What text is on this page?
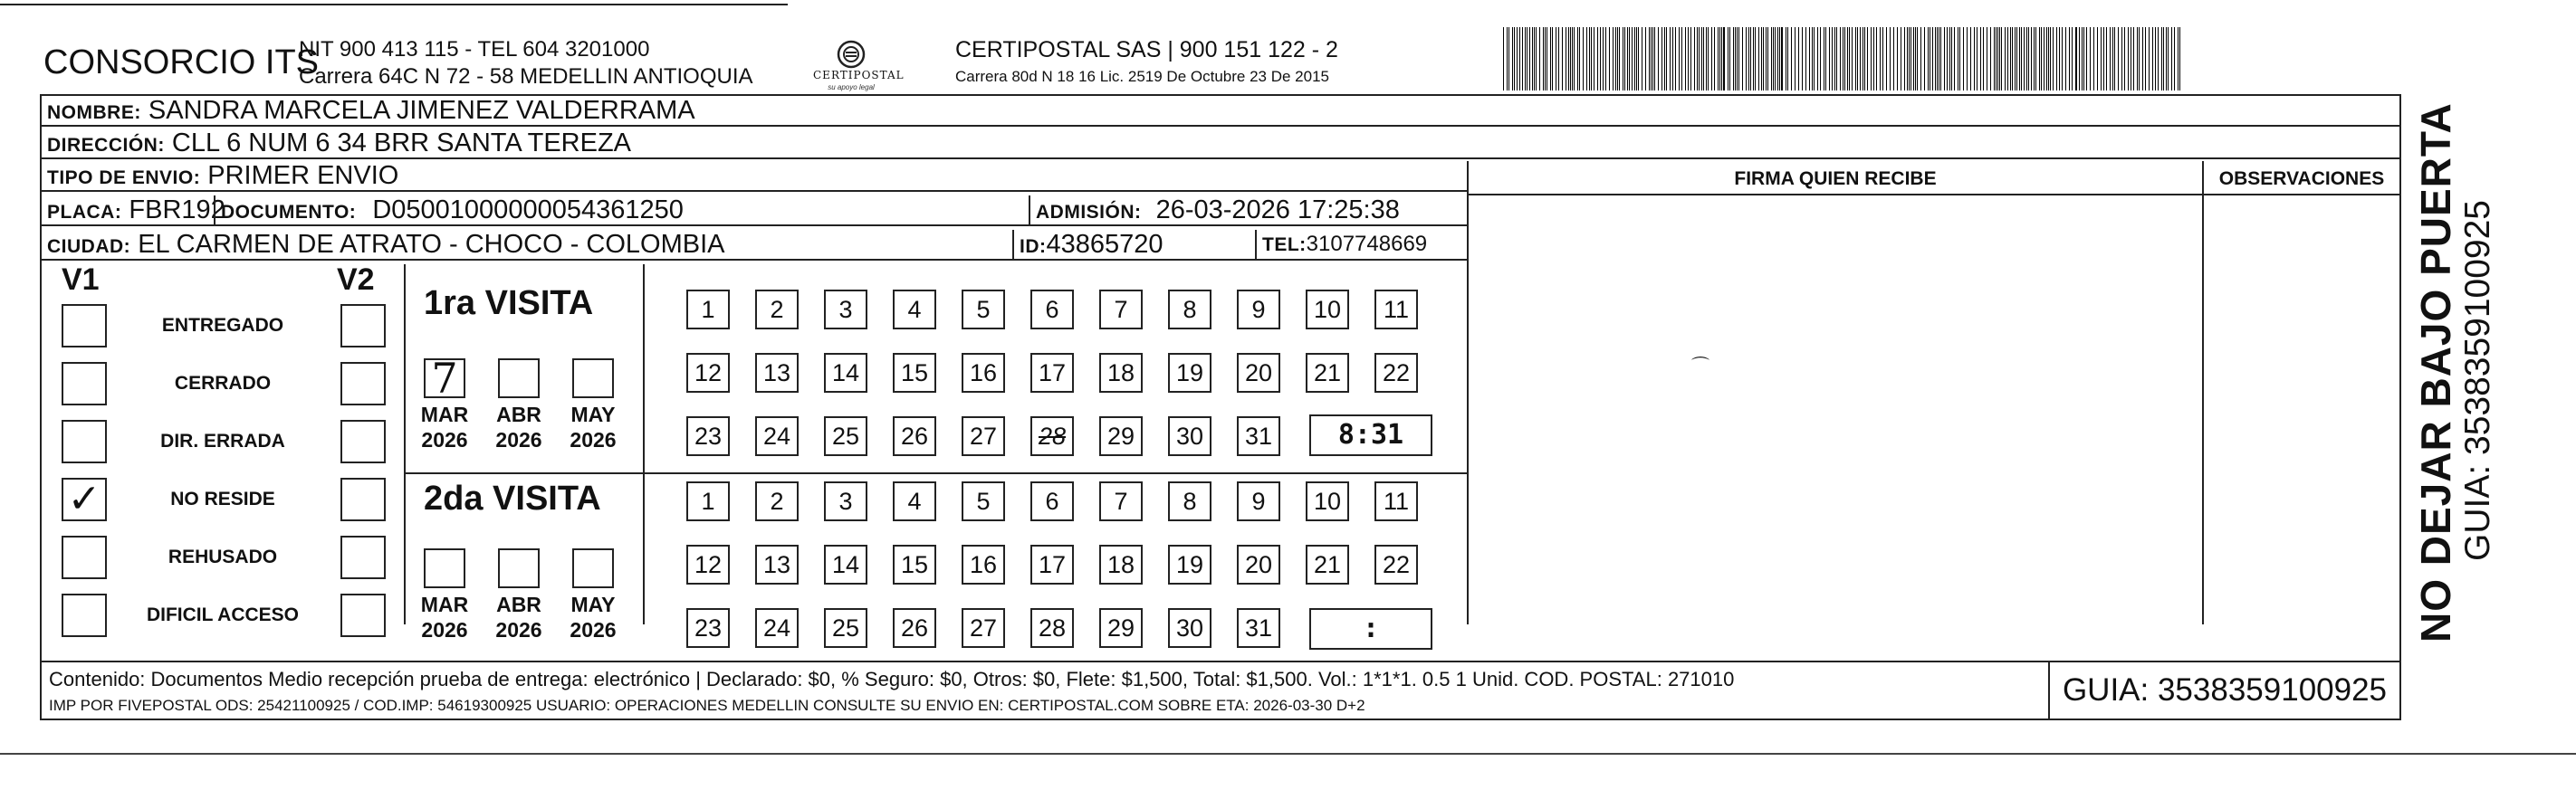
CONSORCIO ITS
NIT 900 413 115 - TEL 604 3201000
Carrera 64C N 72 - 58 MEDELLIN ANTIOQUIA	CERTIPOSTAL
su apoyo legal
CERTIPOSTAL SAS | 900 151 122 - 2
Carrera 80d N 18 16 Lic. 2519 De Octubre 23 De 2015
NOMBRE: SANDRA MARCELA JIMENEZ VALDERRAMA
DIRECCIÓN: CLL 6 NUM 6 34 BRR SANTA TEREZA
TIPO DE ENVIO: PRIMER ENVIO
PLACA: FBR192
DOCUMENTO: D05001000000054361250	ADMISIÓN: 26-03-2026 17:25:38
CIUDAD: EL CARMEN DE ATRATO - CHOCO - COLOMBIA	ID:43865720	TEL:3107748669
FIRMA QUIEN RECIBE	OBSERVACIONES
⌒
V1	V2
ENTREGADO
CERRADO
DIR. ERRADA
✓	NO RESIDE
REHUSADO
DIFICIL ACCESO
1ra VISITA
7
MAR
2026
ABR
2026
MAY
2026
1	2	3	4	5	6	7	8	9	10	11
12	13	14	15	16	17	18	19	20	21	22
23	24	25	26	27	28	29	30	31	8:31
2da VISITA
MAR
2026
ABR
2026
MAY
2026
1	2	3	4	5	6	7	8	9	10	11
12	13	14	15	16	17	18	19	20	21	22
23	24	25	26	27	28	29	30	31	:
Contenido: Documentos Medio recepción prueba de entrega: electrónico | Declarado: $0, % Seguro: $0, Otros: $0, Flete: $1,500, Total: $1,500. Vol.: 1*1*1. 0.5 1 Unid. COD. POSTAL: 271010
IMP POR FIVEPOSTAL ODS: 25421100925 / COD.IMP: 54619300925 USUARIO: OPERACIONES MEDELLIN CONSULTE SU ENVIO EN: CERTIPOSTAL.COM SOBRE ETA: 2026-03-30 D+2	GUIA: 3538359100925
NO DEJAR BAJO PUERTA GUIA: 3538359100925
